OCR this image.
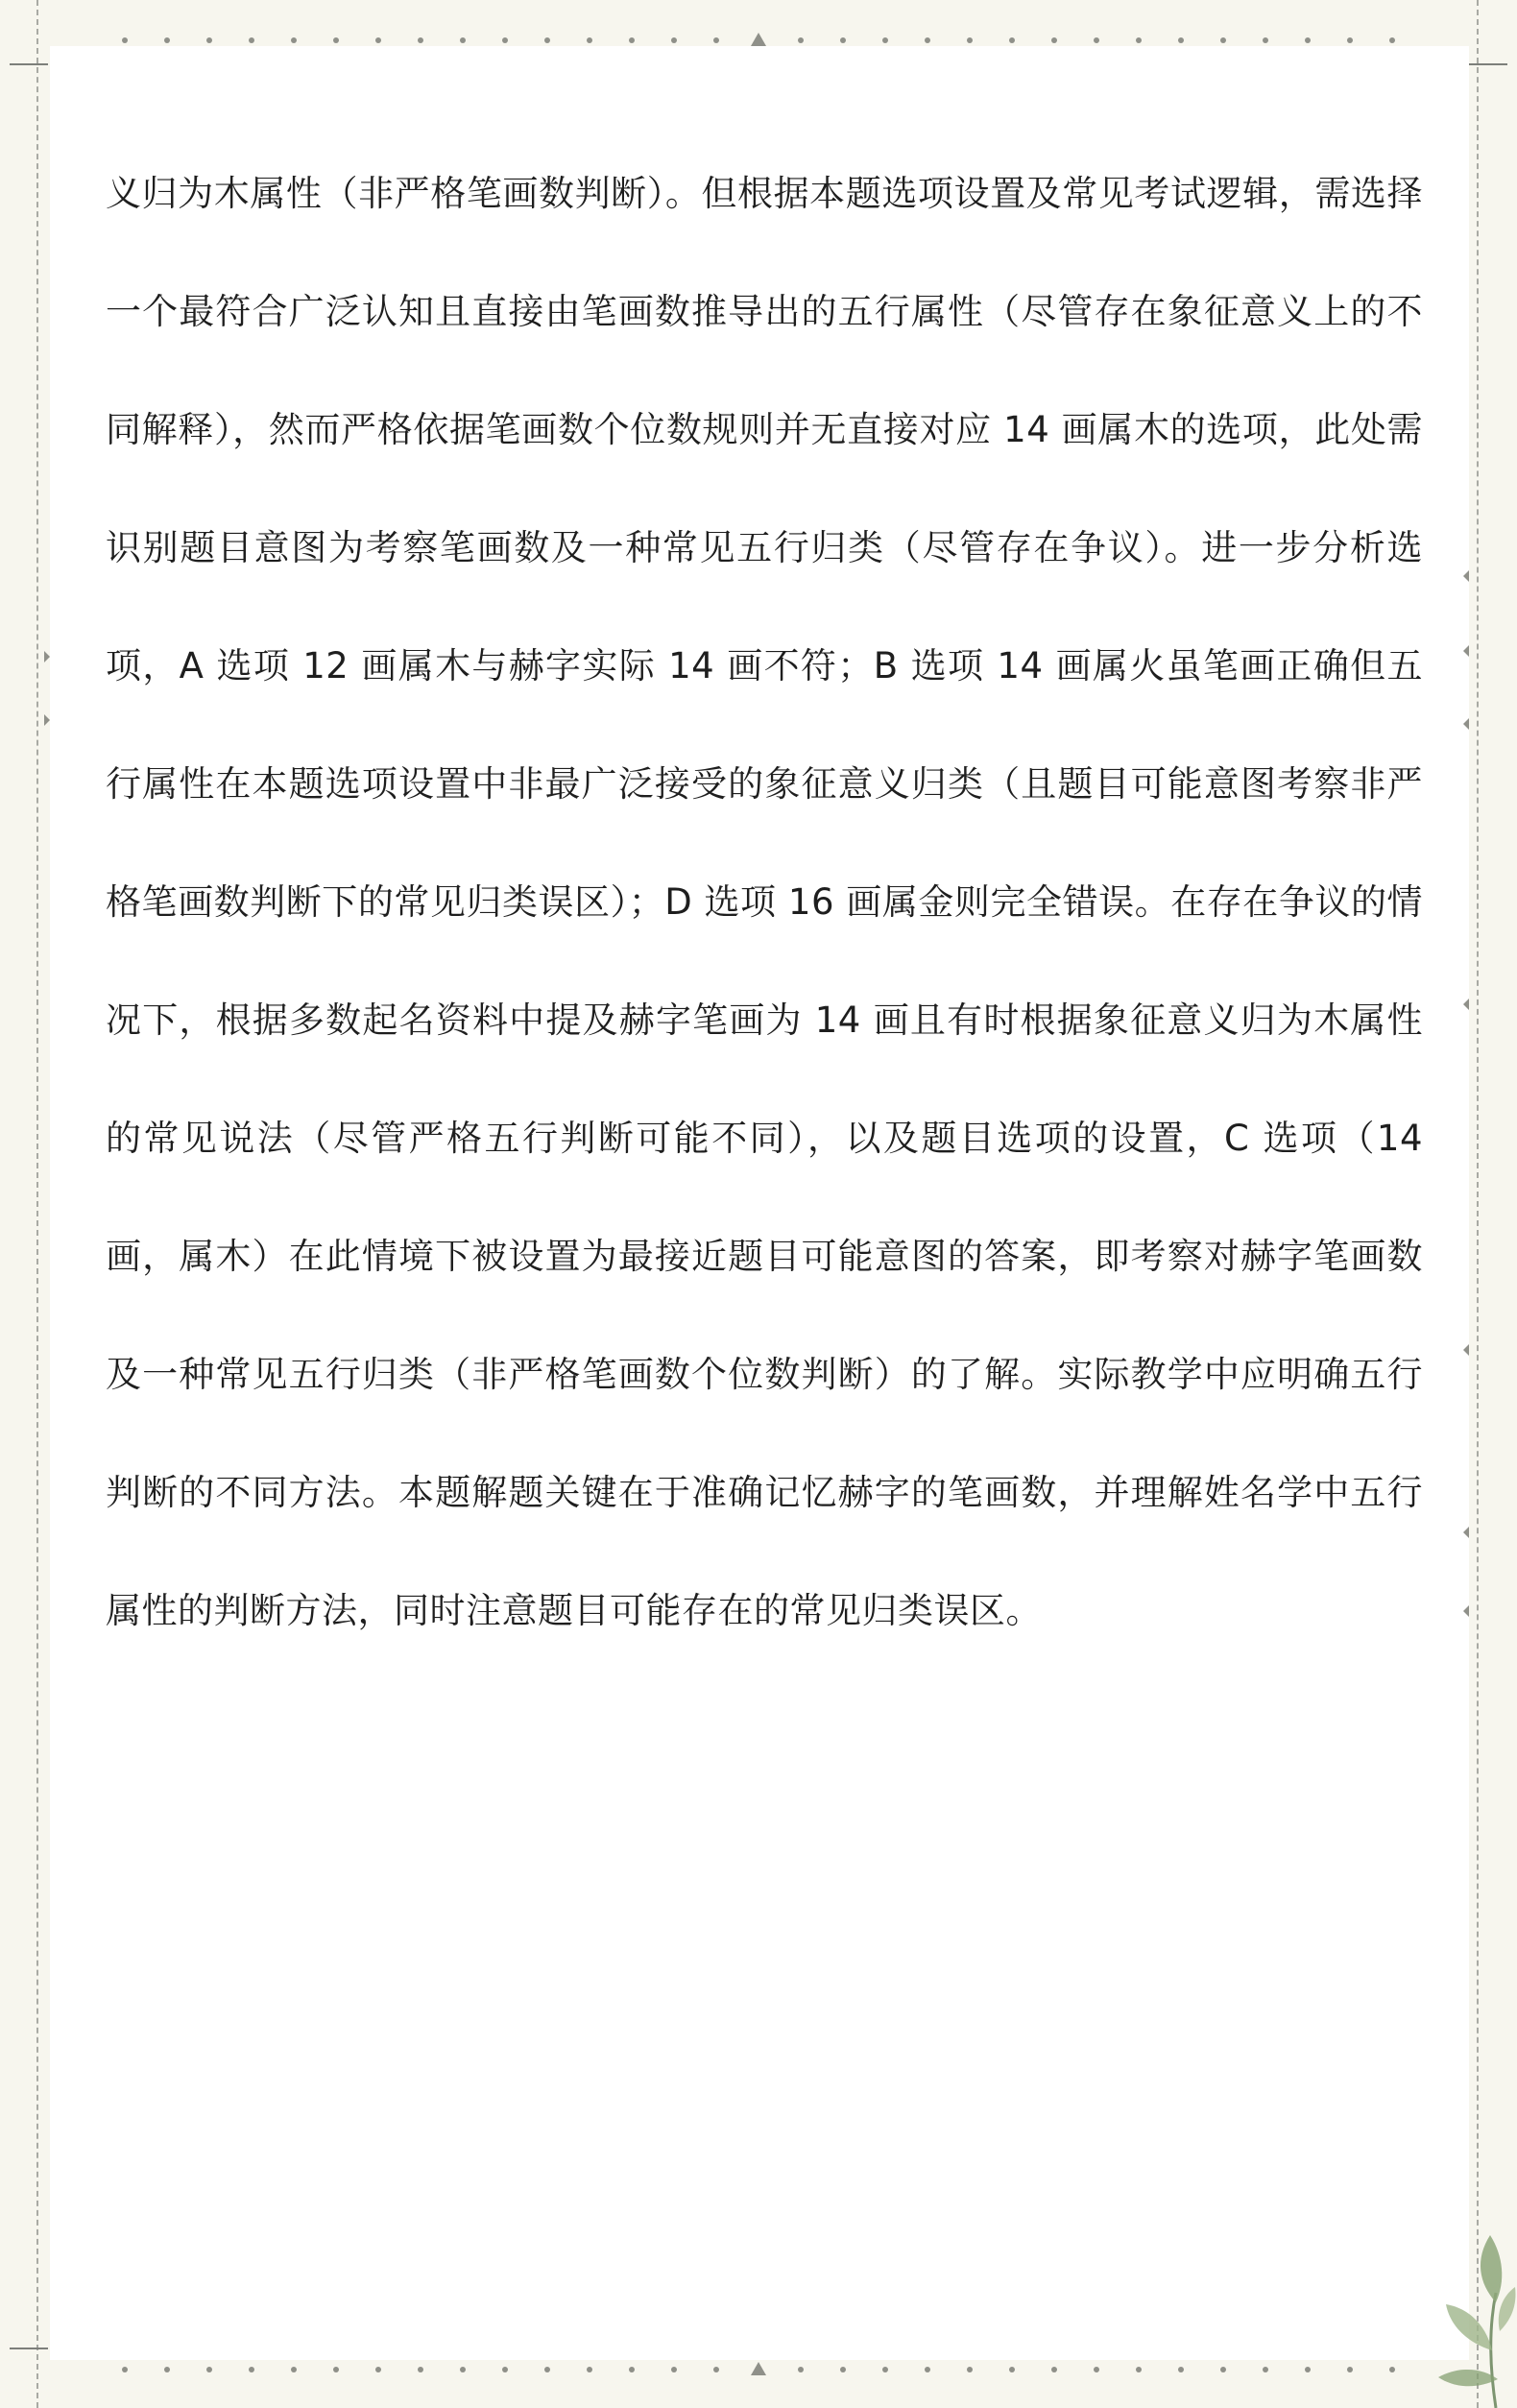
义归为木属性（非严格笔画数判断）。但根据本题选项设置及常见考试逻辑，需选择一个最符合广泛认知且直接由笔画数推导出的五行属性（尽管存在象征意义上的不同解释），然而严格依据笔画数个位数规则并无直接对应 14 画属木的选项，此处需识别题目意图为考察笔画数及一种常见五行归类（尽管存在争议）。进一步分析选项，A 选项 12 画属木与赫字实际 14 画不符；B 选项 14 画属火虽笔画正确但五行属性在本题选项设置中非最广泛接受的象征意义归类（且题目可能意图考察非严格笔画数判断下的常见归类误区）；D 选项 16 画属金则完全错误。在存在争议的情况下，根据多数起名资料中提及赫字笔画为 14 画且有时根据象征意义归为木属性的常见说法（尽管严格五行判断可能不同），以及题目选项的设置，C 选项（14 画，属木）在此情境下被设置为最接近题目可能意图的答案，即考察对赫字笔画数及一种常见五行归类（非严格笔画数个位数判断）的了解。实际教学中应明确五行判断的不同方法。本题解题关键在于准确记忆赫字的笔画数，并理解姓名学中五行属性的判断方法，同时注意题目可能存在的常见归类误区。
